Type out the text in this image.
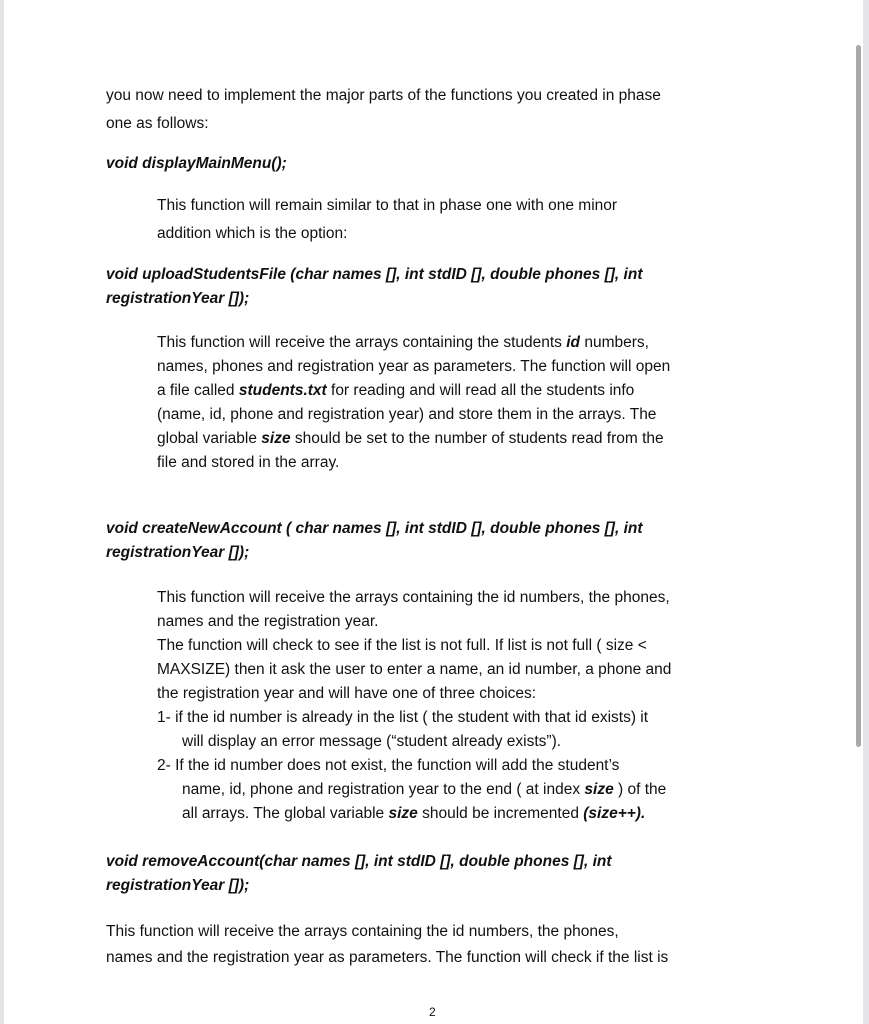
you now need to implement the major parts of the functions you created in phase
one as follows:
void displayMainMenu();
This function will remain similar to that in phase one with one minor
addition which is the option:
void uploadStudentsFile (char names [], int stdID [], double phones [], int
registrationYear []);
This function will receive the arrays containing the students id numbers,
names, phones and registration year as parameters. The function will open
a file called students.txt for reading and will read all the students info
(name, id, phone and registration year) and store them in the arrays. The
global variable size should be set to the number of students read from the
file and stored in the array.
void createNewAccount ( char names [], int stdID [], double phones [], int
registrationYear []);
This function will receive the arrays containing the id numbers, the phones,
names and the registration year.
The function will check to see if the list is not full. If list is not full ( size <
MAXSIZE) then it ask the user to enter a name, an id number, a phone and
the registration year and will have one of three choices:
1- if the id number is already in the list ( the student with that id exists) it
will display an error message (“student already exists”).
2- If the id number does not exist, the function will add the student’s
name, id, phone and registration year to the end ( at index size ) of the
all arrays. The global variable size should be incremented (size++).
void removeAccount(char names [], int stdID [], double phones [], int
registrationYear []);
This function will receive the arrays containing the id numbers, the phones,
names and the registration year as parameters. The function will check if the list is
2
